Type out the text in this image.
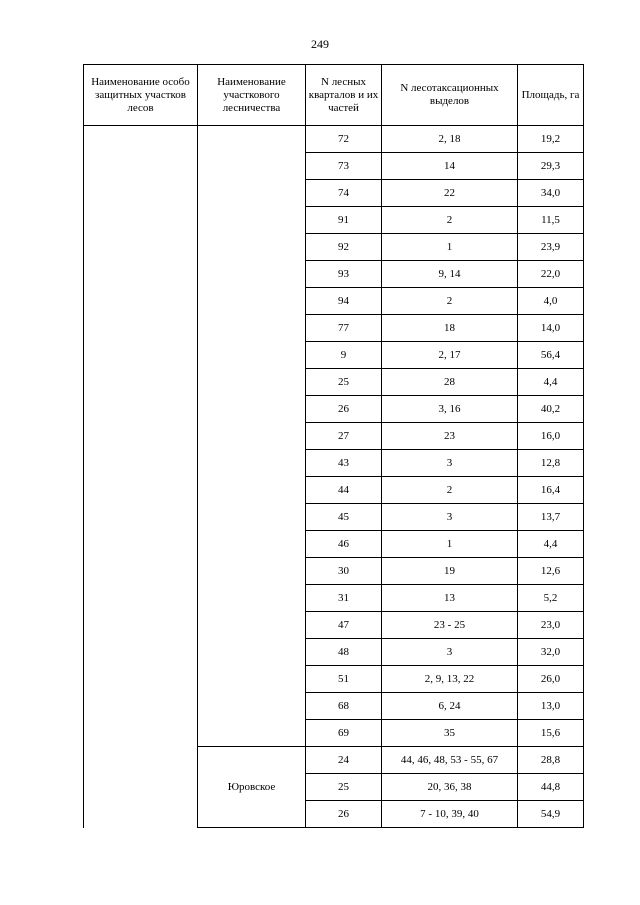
249
Наименование особо защитных участков лесов	Наименование участкового лесничества	N лесных кварталов и их частей	N лесотаксационных выделов	Площадь, га
		72	2, 18	19,2
		73	14	29,3
		74	22	34,0
		91	2	11,5
		92	1	23,9
		93	9, 14	22,0
		94	2	4,0
		77	18	14,0
		9	2, 17	56,4
		25	28	4,4
		26	3, 16	40,2
		27	23	16,0
		43	3	12,8
		44	2	16,4
		45	3	13,7
		46	1	4,4
		30	19	12,6
		31	13	5,2
		47	23 - 25	23,0
		48	3	32,0
		51	2, 9, 13, 22	26,0
		68	6, 24	13,0
		69	35	15,6
	Юровское	24	44, 46, 48, 53 - 55, 67	28,8
		25	20, 36, 38	44,8
		26	7 - 10, 39, 40	54,9
